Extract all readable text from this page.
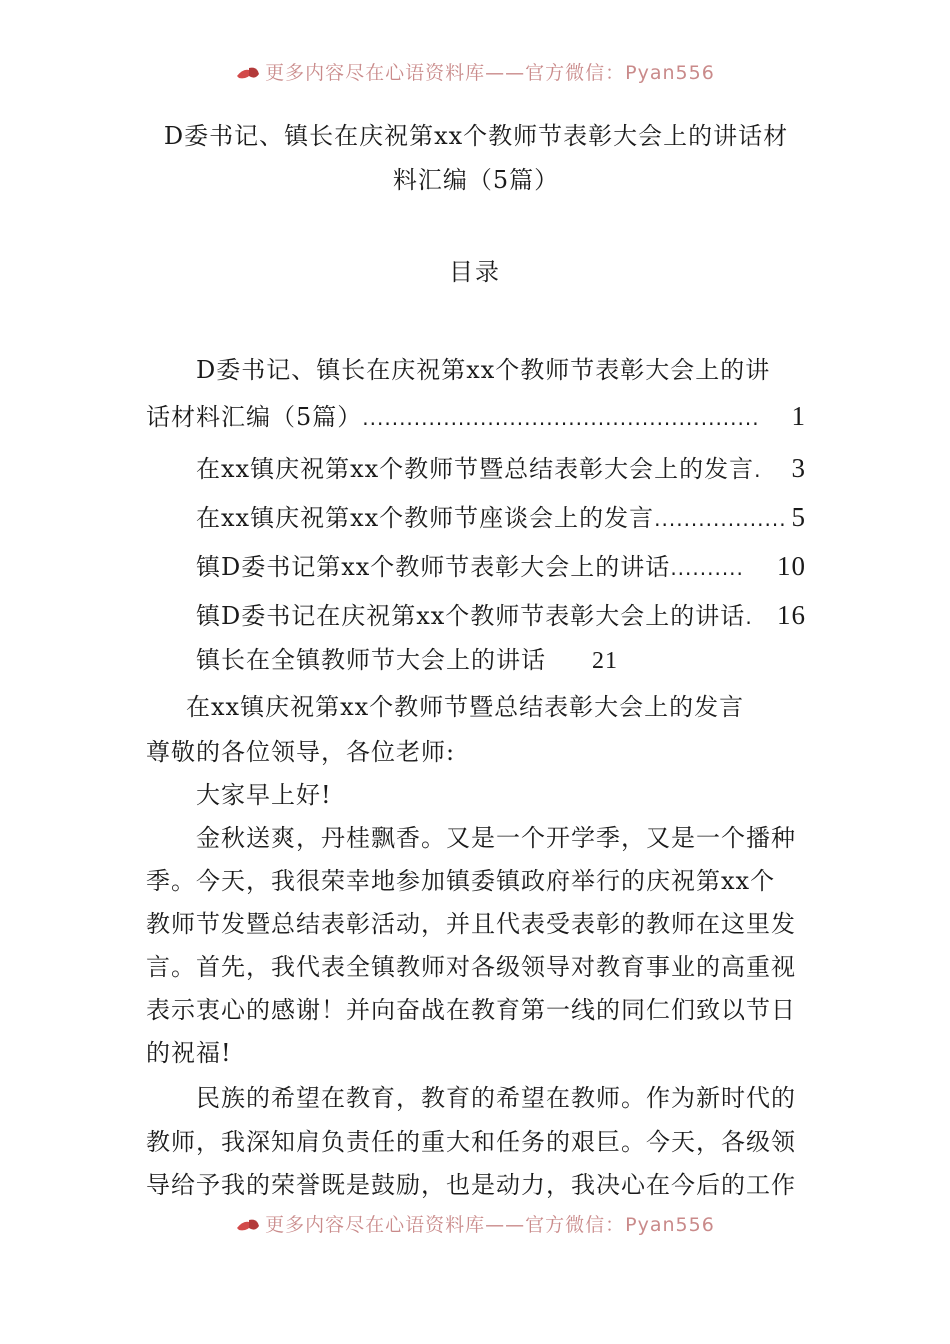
更多内容尽在心语资料库——官方微信：Pyan556
D委书记、镇长在庆祝第xx个教师节表彰大会上的讲话材
料汇编（5篇）
目录
D委书记、镇长在庆祝第xx个教师节表彰大会上的讲
话材料汇编（5篇） ......................................................	1
在xx镇庆祝第xx个教师节暨总结表彰大会上的发言 .	3
在xx镇庆祝第xx个教师节座谈会上的发言 .................. 5
镇D委书记第xx个教师节表彰大会上的讲话 ..........	10
镇D委书记在庆祝第xx个教师节表彰大会上的讲话 . 16
镇长在全镇教师节大会上的讲话 21
在xx镇庆祝第xx个教师节暨总结表彰大会上的发言
尊敬的各位领导，各位老师:
大家早上好!
金秋送爽，丹桂飘香。又是一个开学季，又是一个播种
季。今天，我很荣幸地参加镇委镇政府举行的庆祝第xx个
教师节发暨总结表彰活动，并且代表受表彰的教师在这里发
言。首先，我代表全镇教师对各级领导对教育事业的高重视
表示衷心的感谢！并向奋战在教育第一线的同仁们致以节日
的祝福!
民族的希望在教育，教育的希望在教师。作为新时代的
教师，我深知肩负责任的重大和任务的艰巨。今天，各级领
导给予我的荣誉既是鼓励，也是动力，我决心在今后的工作
更多内容尽在心语资料库——官方微信：Pyan556
